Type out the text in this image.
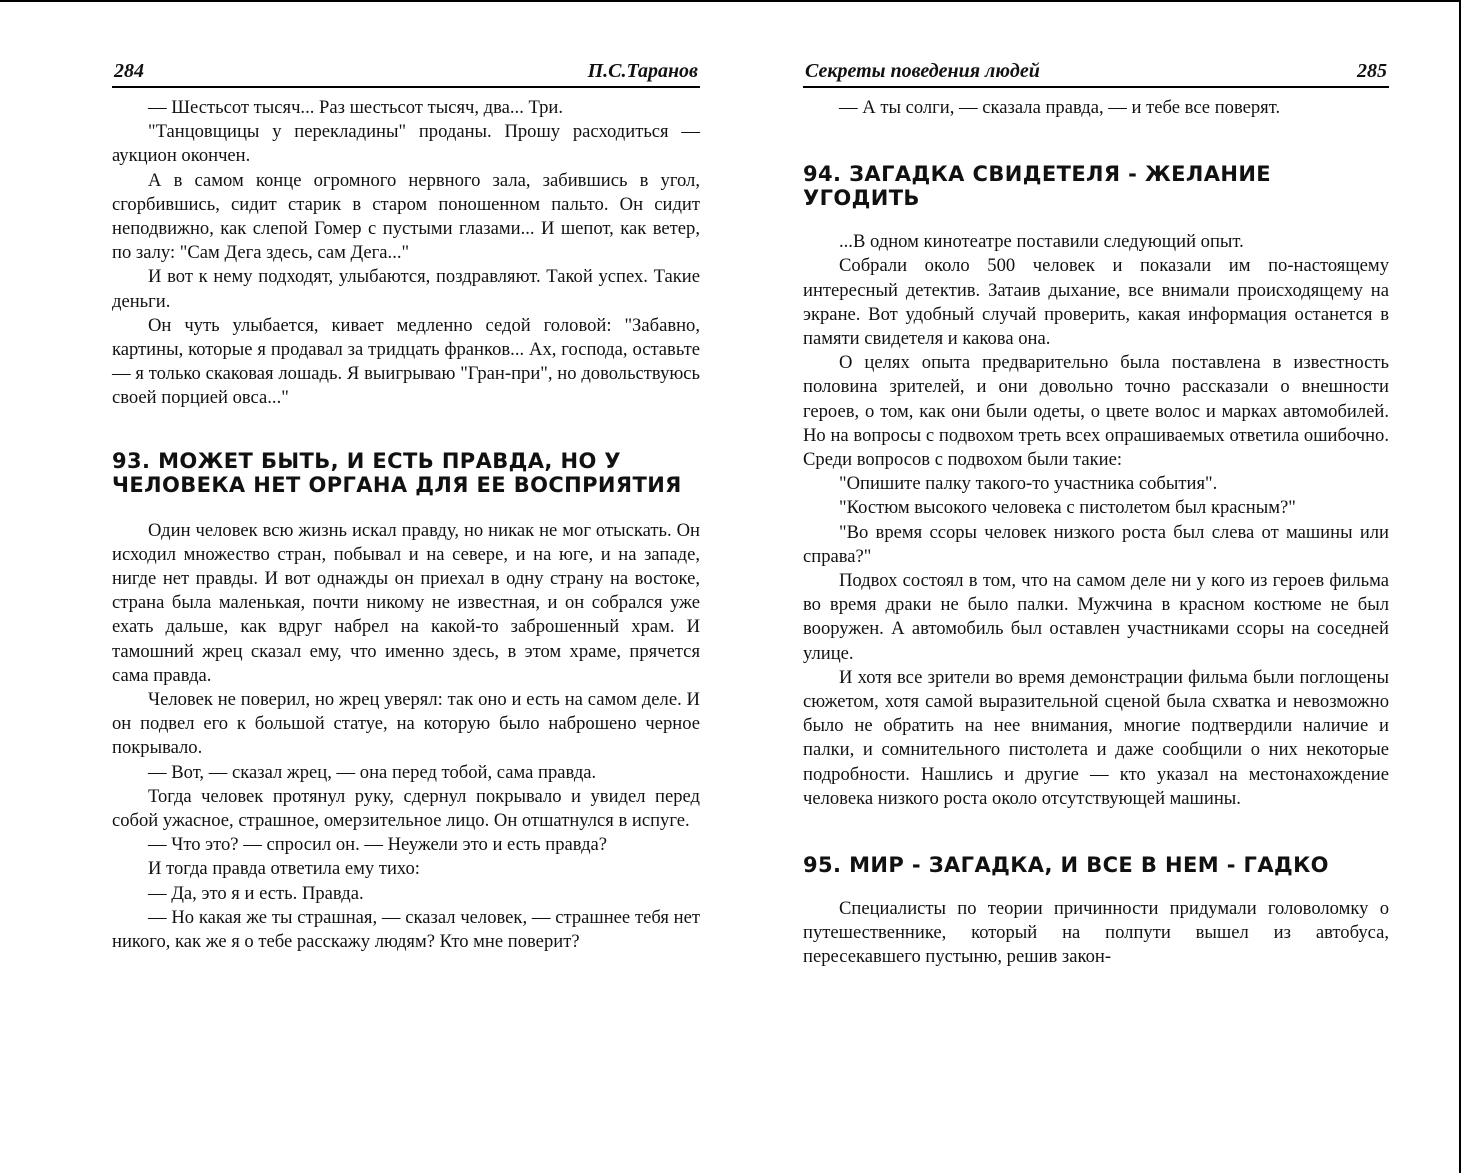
284	П.С.Таранов

— Шестьсот тысяч... Раз шестьсот тысяч, два... Три.

"Танцовщицы у перекладины" проданы. Прошу расходиться — аукцион окончен.

А в самом конце огромного нервного зала, забившись в угол, сгорбившись, сидит старик в старом поношенном пальто. Он сидит неподвижно, как слепой Гомер с пустыми глазами... И шепот, как ветер, по залу: "Сам Дега здесь, сам Дега..."

И вот к нему подходят, улыбаются, поздравляют. Такой успех. Такие деньги.

Он чуть улыбается, кивает медленно седой головой: "Забавно, картины, которые я продавал за тридцать франков... Ах, господа, оставьте — я только скаковая лошадь. Я выигрываю "Гран-при", но довольствуюсь своей порцией овса..."

93. МОЖЕТ БЫТЬ, И ЕСТЬ ПРАВДА, НО У ЧЕЛОВЕКА НЕТ ОРГАНА ДЛЯ ЕЕ ВОСПРИЯТИЯ

Один человек всю жизнь искал правду, но никак не мог отыскать. Он исходил множество стран, побывал и на севере, и на юге, и на западе, нигде нет правды. И вот однажды он приехал в одну страну на востоке, страна была маленькая, почти никому не известная, и он собрался уже ехать дальше, как вдруг набрел на какой-то заброшенный храм. И тамошний жрец сказал ему, что именно здесь, в этом храме, прячется сама правда.

Человек не поверил, но жрец уверял: так оно и есть на самом деле. И он подвел его к большой статуе, на которую было наброшено черное покрывало.

— Вот, — сказал жрец, — она перед тобой, сама правда.

Тогда человек протянул руку, сдернул покрывало и увидел перед собой ужасное, страшное, омерзительное лицо. Он отшатнулся в испуге.

— Что это? — спросил он. — Неужели это и есть правда?

И тогда правда ответила ему тихо:

— Да, это я и есть. Правда.

— Но какая же ты страшная, — сказал человек, — страшнее тебя нет никого, как же я о тебе расскажу людям? Кто мне поверит?

Секреты поведения людей	285

— А ты солги, — сказала правда, — и тебе все поверят.

94. ЗАГАДКА СВИДЕТЕЛЯ - ЖЕЛАНИЕ УГОДИТЬ

...В одном кинотеатре поставили следующий опыт.

Собрали около 500 человек и показали им по-настоящему интересный детектив. Затаив дыхание, все внимали происходящему на экране. Вот удобный случай проверить, какая информация останется в памяти свидетеля и какова она.

О целях опыта предварительно была поставлена в известность половина зрителей, и они довольно точно рассказали о внешности героев, о том, как они были одеты, о цвете волос и марках автомобилей. Но на вопросы с подвохом треть всех опрашиваемых ответила ошибочно. Среди вопросов с подвохом были такие:

"Опишите палку такого-то участника события".

"Костюм высокого человека с пистолетом был красным?"

"Во время ссоры человек низкого роста был слева от машины или справа?"

Подвох состоял в том, что на самом деле ни у кого из героев фильма во время драки не было палки. Мужчина в красном костюме не был вооружен. А автомобиль был оставлен участниками ссоры на соседней улице.

И хотя все зрители во время демонстрации фильма были поглощены сюжетом, хотя самой выразительной сценой была схватка и невозможно было не обратить на нее внимания, многие подтвердили наличие и палки, и сомнительного пистолета и даже сообщили о них некоторые подробности. Нашлись и другие — кто указал на местонахождение человека низкого роста около отсутствующей машины.

95. МИР - ЗАГАДКА, И ВСЕ В НЕМ - ГАДКО

Специалисты по теории причинности придумали головоломку о путешественнике, который на полпути вышел из автобуса, пересекавшего пустыню, решив закон-
